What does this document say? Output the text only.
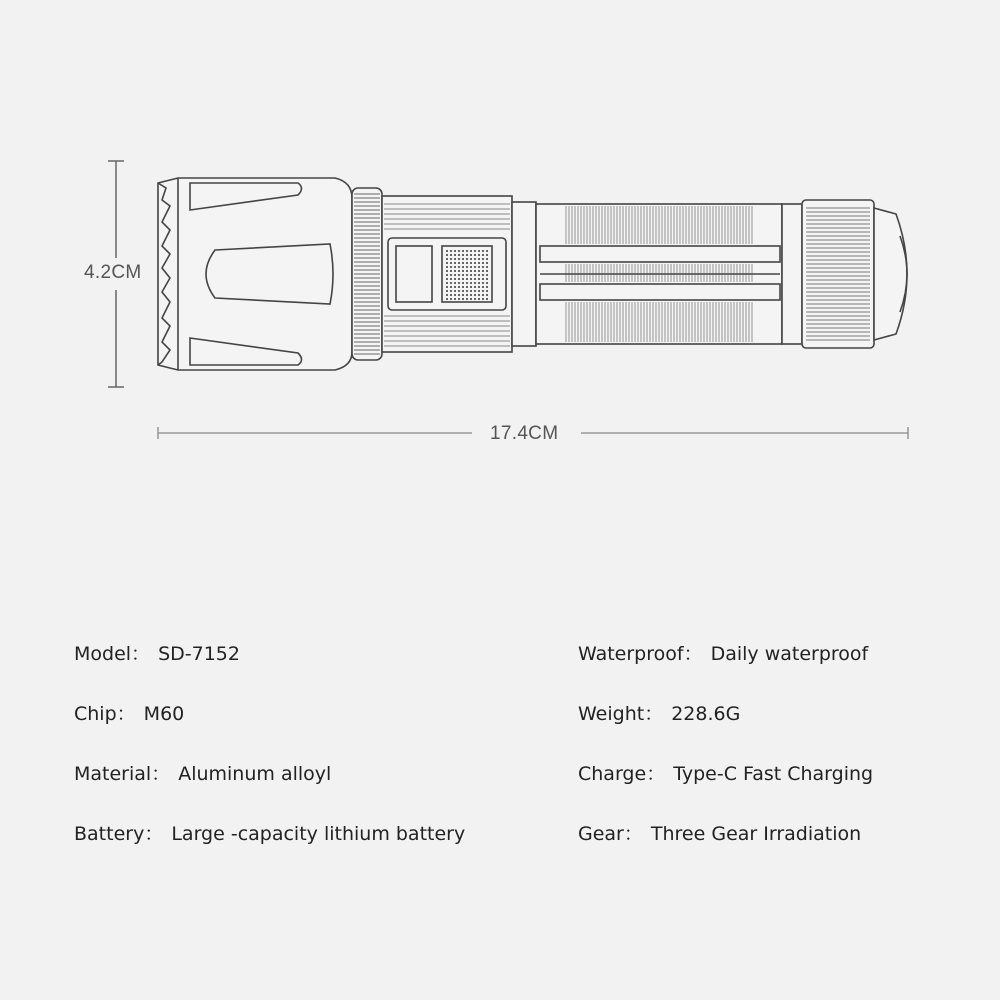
4.2CM
17.4CM
Model： SD-7152
Chip： M60
Material： Aluminum alloyl
Battery： Large -capacity lithium battery
Waterproof： Daily waterproof
Weight： 228.6G
Charge： Type-C Fast Charging
Gear： Three Gear Irradiation
